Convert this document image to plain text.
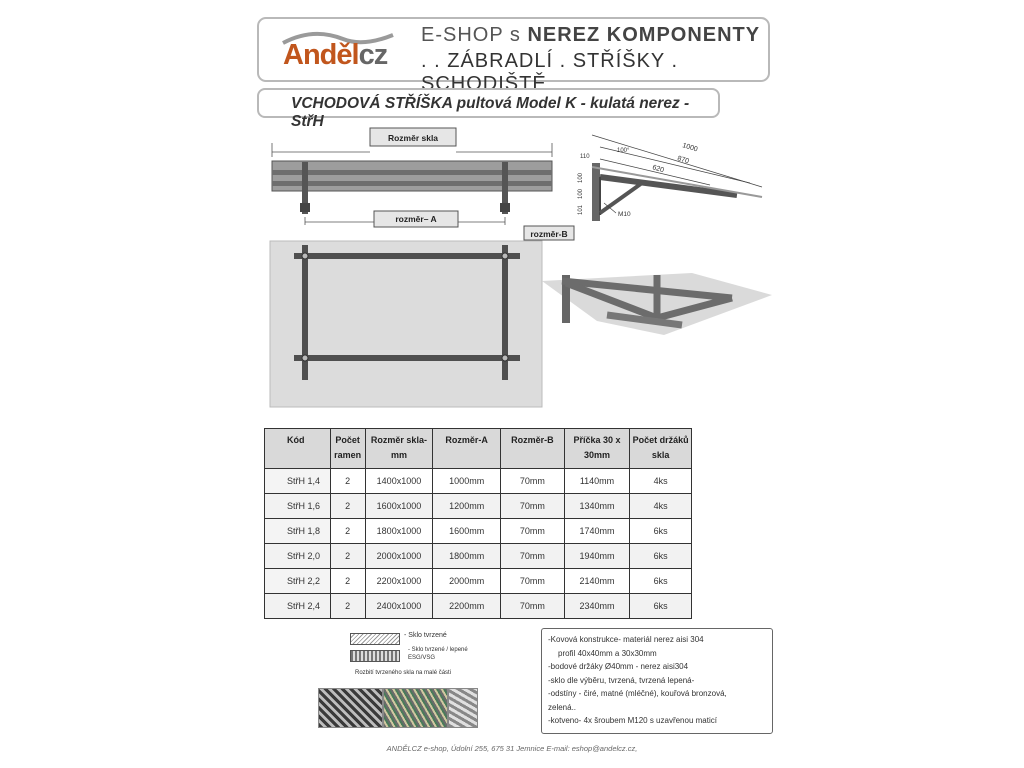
Andělcz
E-SHOP s NEREZ KOMPONENTY
. . ZÁBRADLÍ . STŘÍŠKY . SCHODIŠTĚ
VCHODOVÁ STŘÍŠKA pultová Model K - kulatá nerez - StřH
Rozměr skla
rozměr– A
rozměr-B
1000
870
620
100°
110
100
100
101	M10
Kód	Počet ramen	Rozměr skla-mm	Rozměr-A	Rozměr-B	Příčka 30 x 30mm	Počet držáků skla
StřH 1,4	2	1400x1000	1000mm	70mm	1140mm	4ks
StřH 1,6	2	1600x1000	1200mm	70mm	1340mm	4ks
StřH 1,8	2	1800x1000	1600mm	70mm	1740mm	6ks
StřH 2,0	2	2000x1000	1800mm	70mm	1940mm	6ks
StřH 2,2	2	2200x1000	2000mm	70mm	2140mm	6ks
StřH 2,4	2	2400x1000	2200mm	70mm	2340mm	6ks
- Sklo tvrzené
- Sklo tvrzené / lepené ESG/VSG
Rozbití tvrzeného skla na malé části
-Kovová konstrukce- materiál nerez aisi 304
profil 40x40mm a 30x30mm
-bodové držáky Ø40mm - nerez aisi304
-sklo dle výběru, tvrzená, tvrzená lepená-
-odstíny - čiré, matné (mléčné), kouřová bronzová,
zelená..
-kotveno- 4x šroubem M120 s uzavřenou maticí
ANDĚLCZ e-shop, Údolní 255, 675 31 Jemnice E-mail: eshop@andelcz.cz,
